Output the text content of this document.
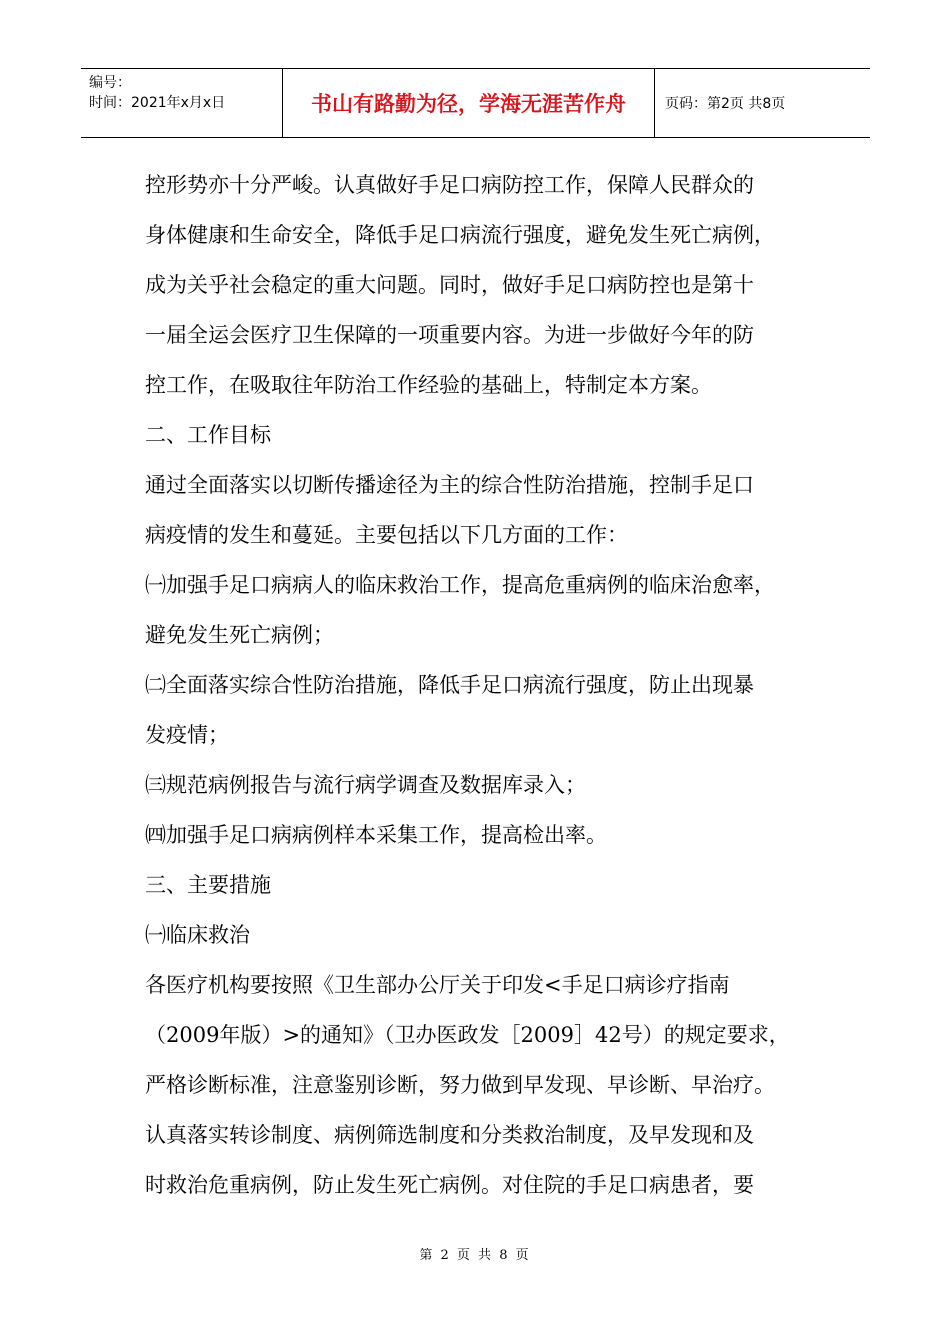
编号：
时间：2021年x月x日	书山有路勤为径，学海无涯苦作舟	页码：第2页 共8页
控形势亦十分严峻。认真做好手足口病防控工作，保障人民群众的
身体健康和生命安全，降低手足口病流行强度，避免发生死亡病例，
成为关乎社会稳定的重大问题。同时，做好手足口病防控也是第十
一届全运会医疗卫生保障的一项重要内容。为进一步做好今年的防
控工作，在吸取往年防治工作经验的基础上，特制定本方案。
二、工作目标
通过全面落实以切断传播途径为主的综合性防治措施，控制手足口
病疫情的发生和蔓延。主要包括以下几方面的工作：
㈠加强手足口病病人的临床救治工作，提高危重病例的临床治愈率，
避免发生死亡病例；
㈡全面落实综合性防治措施，降低手足口病流行强度，防止出现暴
发疫情；
㈢规范病例报告与流行病学调查及数据库录入；
㈣加强手足口病病例样本采集工作，提高检出率。
三、主要措施
㈠临床救治
各医疗机构要按照《卫生部办公厅关于印发<手足口病诊疗指南
（2009年版）>的通知》（卫办医政发［2009］42号）的规定要求，
严格诊断标准，注意鉴别诊断，努力做到早发现、早诊断、早治疗。
认真落实转诊制度、病例筛选制度和分类救治制度，及早发现和及
时救治危重病例，防止发生死亡病例。对住院的手足口病患者，要
第 2 页 共 8 页
